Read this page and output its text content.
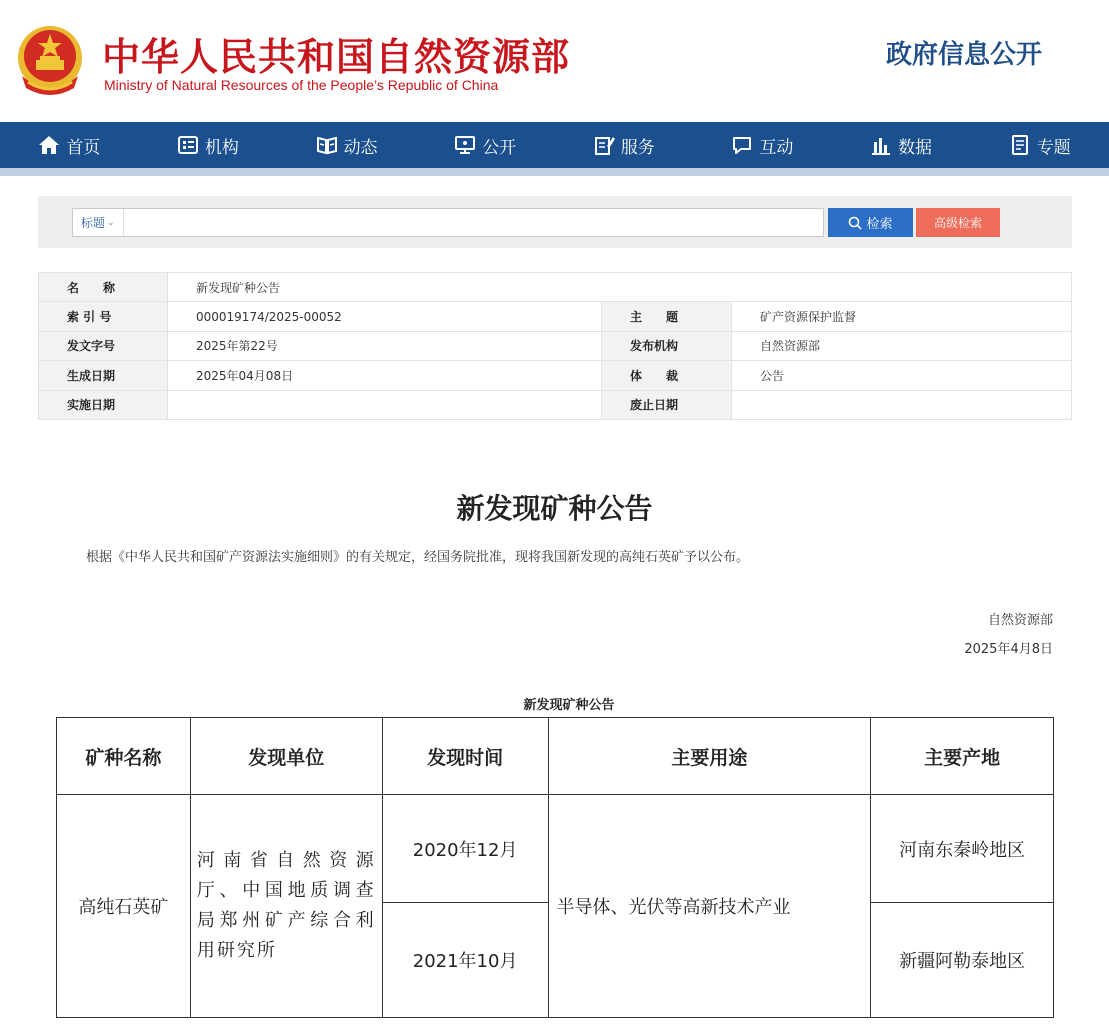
中华人民共和国自然资源部
Ministry of Natural Resources of the People’s Republic of China
政府信息公开
首页	机构	动态	公开	服务	互动	数据	专题
标题 ⌄	检索	高级检索
名　　称	新发现矿种公告		
索 引 号	000019174/2025-00052	主　　题	矿产资源保护监督
发文字号	2025年第22号	发布机构	自然资源部
生成日期	2025年04月08日	体　　裁	公告
实施日期		废止日期	
新发现矿种公告
根据《中华人民共和国矿产资源法实施细则》的有关规定，经国务院批准，现将我国新发现的高纯石英矿予以公布。
自然资源部
2025年4月8日
新发现矿种公告
矿种名称	发现单位	发现时间	主要用途	主要产地
高纯石英矿	河南省自然资源厅、中国地质调查局郑州矿产综合利用研究所	2020年12月	半导体、光伏等高新技术产业	河南东秦岭地区
		2021年10月		新疆阿勒泰地区
